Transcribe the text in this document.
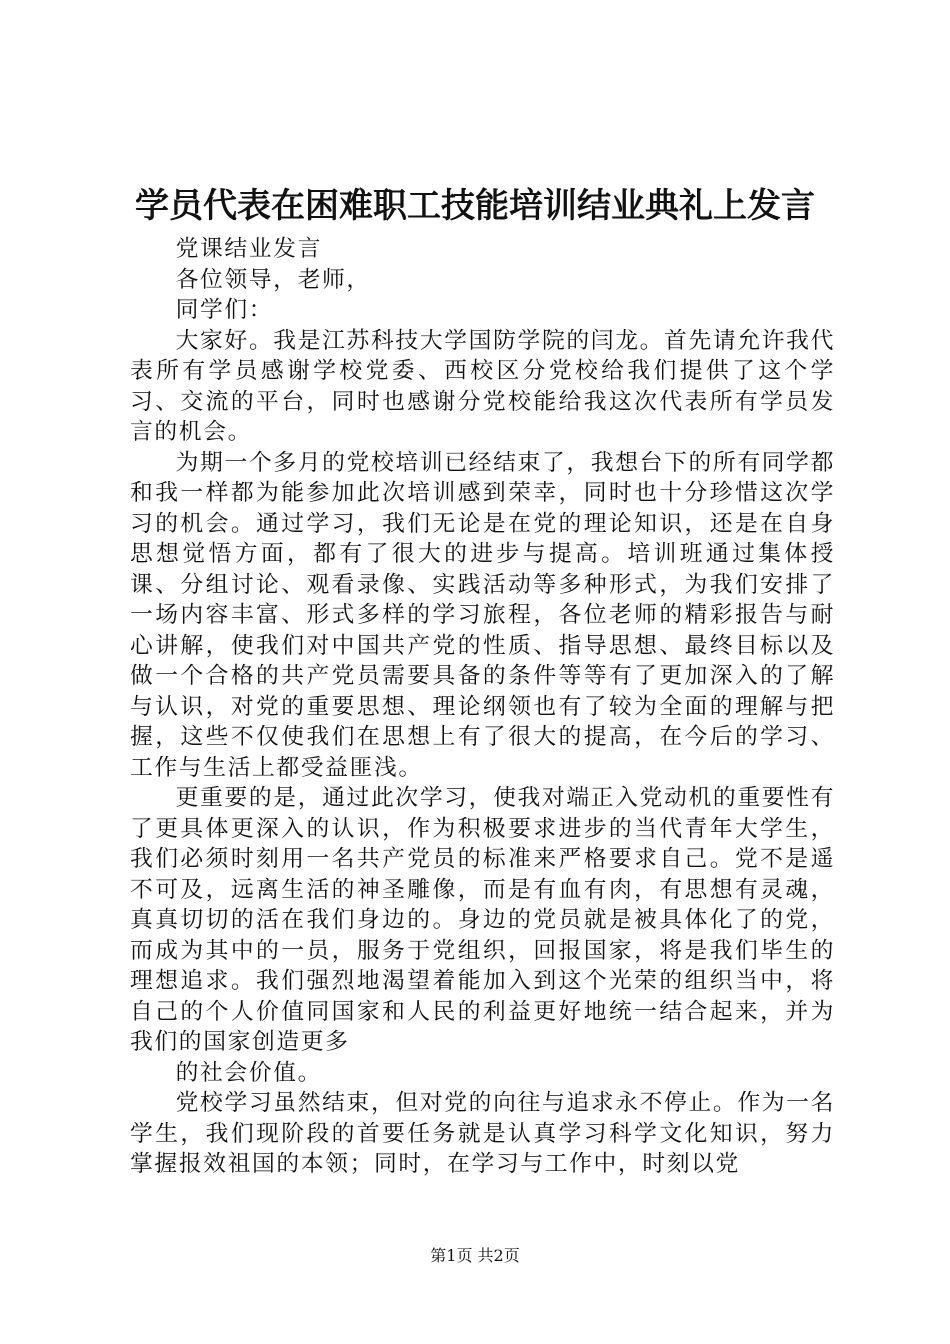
学员代表在困难职工技能培训结业典礼上发言

党课结业发言

各位领导，老师，

同学们：

大家好。我是江苏科技大学国防学院的闫龙。首先请允许我代表所有学员感谢学校党委、西校区分党校给我们提供了这个学习、交流的平台，同时也感谢分党校能给我这次代表所有学员发言的机会。

为期一个多月的党校培训已经结束了，我想台下的所有同学都和我一样都为能参加此次培训感到荣幸，同时也十分珍惜这次学习的机会。通过学习，我们无论是在党的理论知识，还是在自身思想觉悟方面，都有了很大的进步与提高。培训班通过集体授课、分组讨论、观看录像、实践活动等多种形式，为我们安排了一场内容丰富、形式多样的学习旅程，各位老师的精彩报告与耐心讲解，使我们对中国共产党的性质、指导思想、最终目标以及做一个合格的共产党员需要具备的条件等等有了更加深入的了解与认识，对党的重要思想、理论纲领也有了较为全面的理解与把握，这些不仅使我们在思想上有了很大的提高，在今后的学习、工作与生活上都受益匪浅。

更重要的是，通过此次学习，使我对端正入党动机的重要性有了更具体更深入的认识，作为积极要求进步的当代青年大学生，我们必须时刻用一名共产党员的标准来严格要求自己。党不是遥不可及，远离生活的神圣雕像，而是有血有肉，有思想有灵魂，真真切切的活在我们身边的。身边的党员就是被具体化了的党，而成为其中的一员，服务于党组织，回报国家，将是我们毕生的理想追求。我们强烈地渴望着能加入到这个光荣的组织当中，将自己的个人价值同国家和人民的利益更好地统一结合起来，并为我们的国家创造更多

的社会价值。

党校学习虽然结束，但对党的向往与追求永不停止。作为一名学生，我们现阶段的首要任务就是认真学习科学文化知识，努力掌握报效祖国的本领；同时，在学习与工作中，时刻以党

第1页 共2页
